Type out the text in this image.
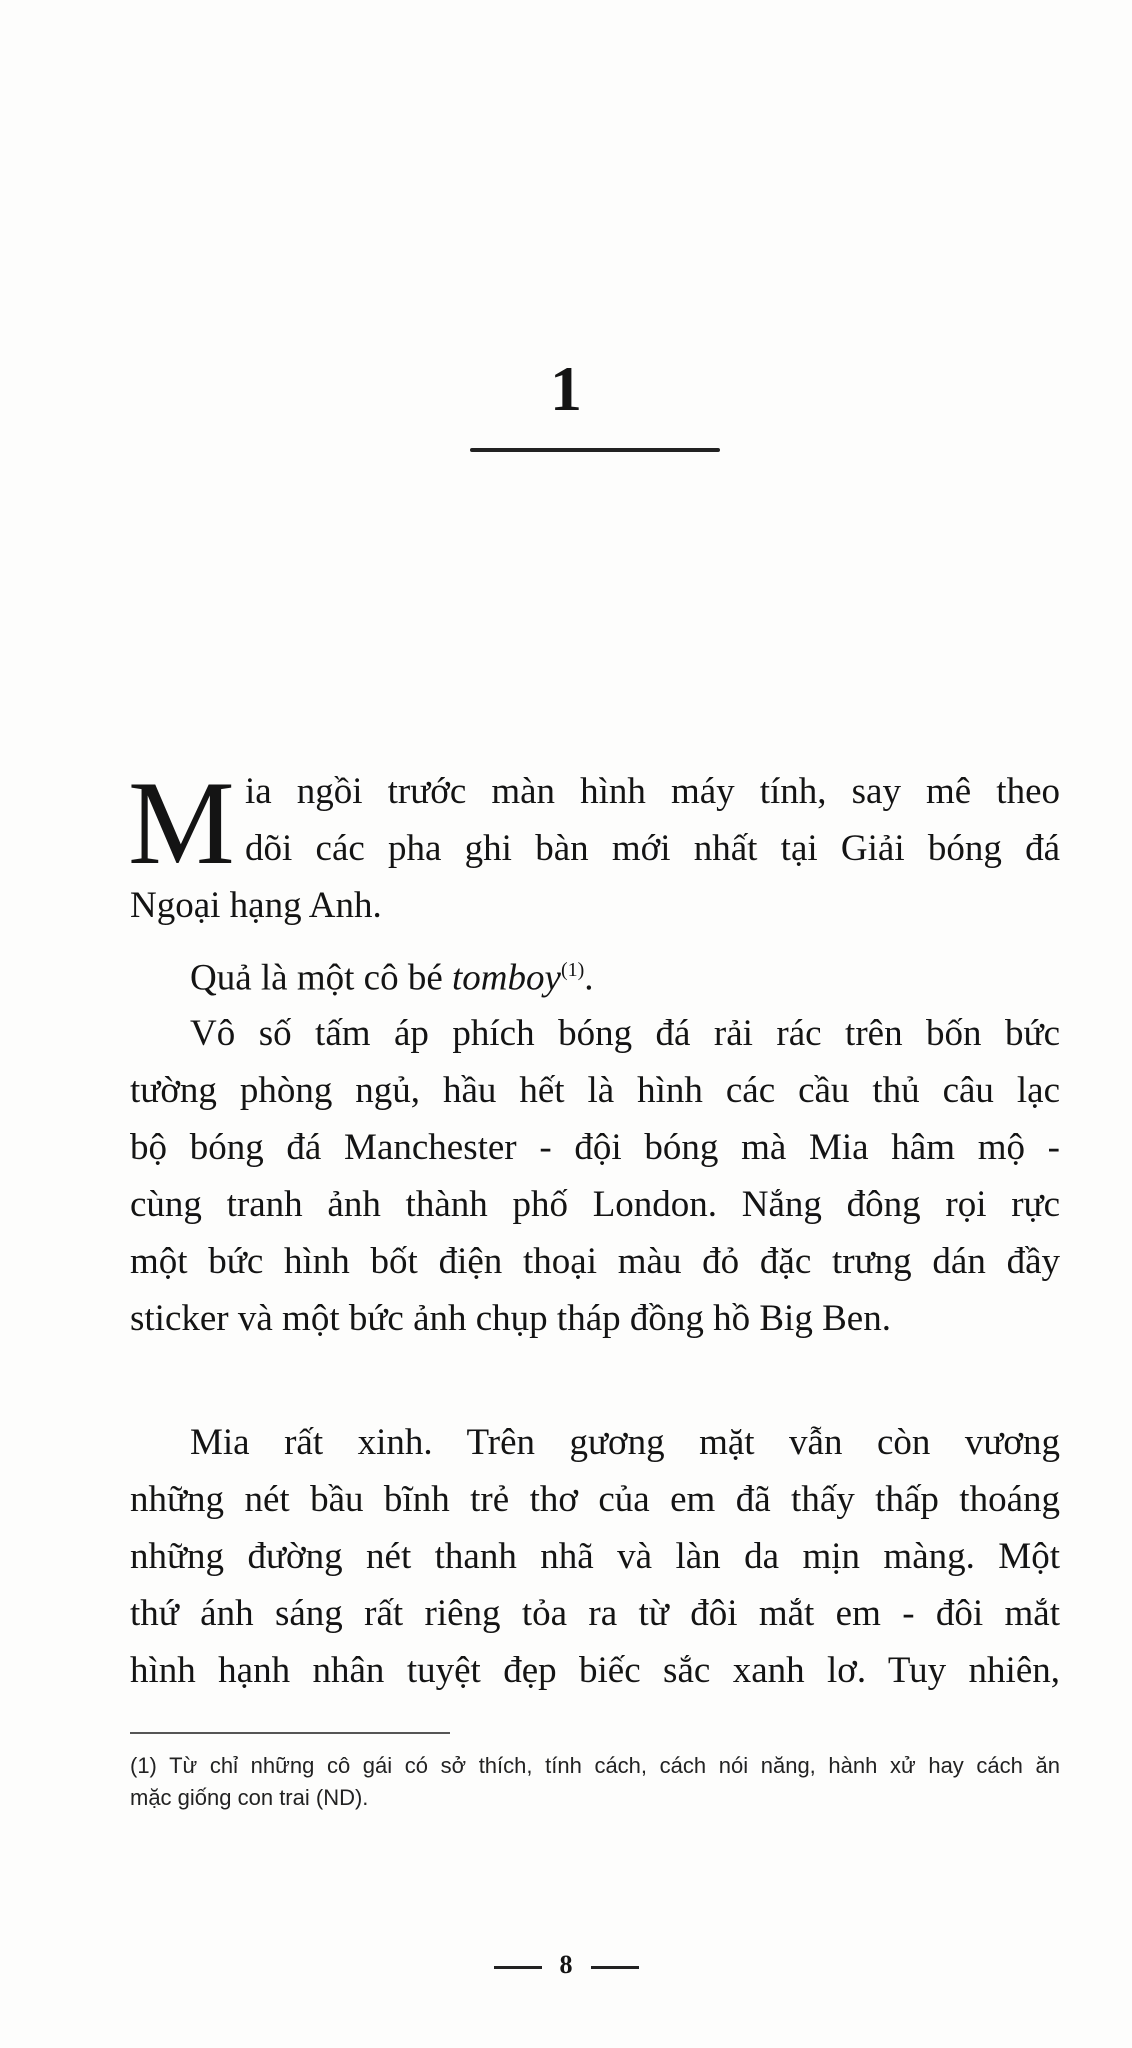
1
M ia ngồi trước màn hình máy tính, say mê theo
dõi các pha ghi bàn mới nhất tại Giải bóng đá
Ngoại hạng Anh.
Quả là một cô bé tomboy$^{(1)}$.
Vô số tấm áp phích bóng đá rải rác trên bốn bức
tường phòng ngủ, hầu hết là hình các cầu thủ câu lạc
bộ bóng đá Manchester - đội bóng mà Mia hâm mộ -
cùng tranh ảnh thành phố London. Nắng đông rọi rực
một bức hình bốt điện thoại màu đỏ đặc trưng dán đầy
sticker và một bức ảnh chụp tháp đồng hồ Big Ben.
Mia rất xinh. Trên gương mặt vẫn còn vương
những nét bầu bĩnh trẻ thơ của em đã thấy thấp thoáng
những đường nét thanh nhã và làn da mịn màng. Một
thứ ánh sáng rất riêng tỏa ra từ đôi mắt em - đôi mắt
hình hạnh nhân tuyệt đẹp biếc sắc xanh lơ. Tuy nhiên,
(1) Từ chỉ những cô gái có sở thích, tính cách, cách nói năng, hành xử hay cách ăn
mặc giống con trai (ND).
8
